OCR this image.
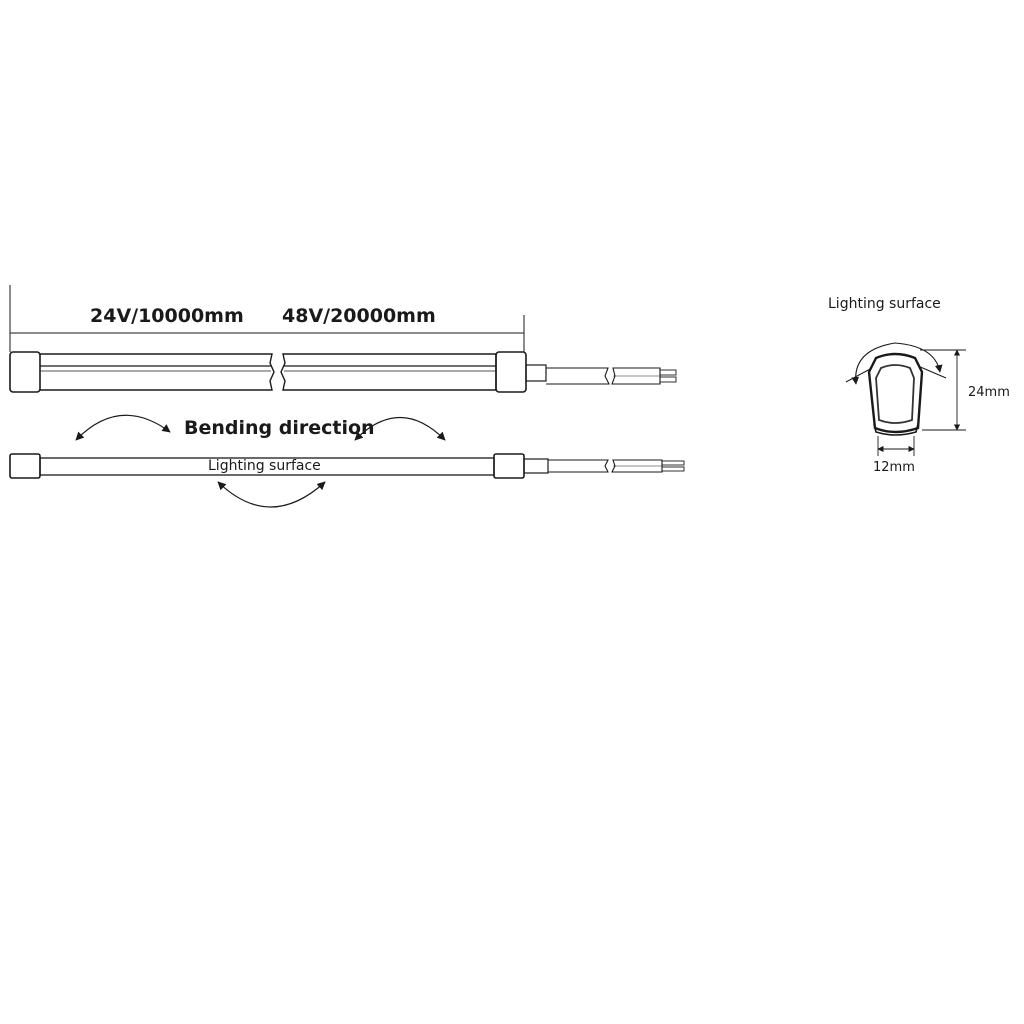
24V/10000mm 48V/20000mm
Bending direction
Lighting surface
Lighting surface
24mm
12mm
